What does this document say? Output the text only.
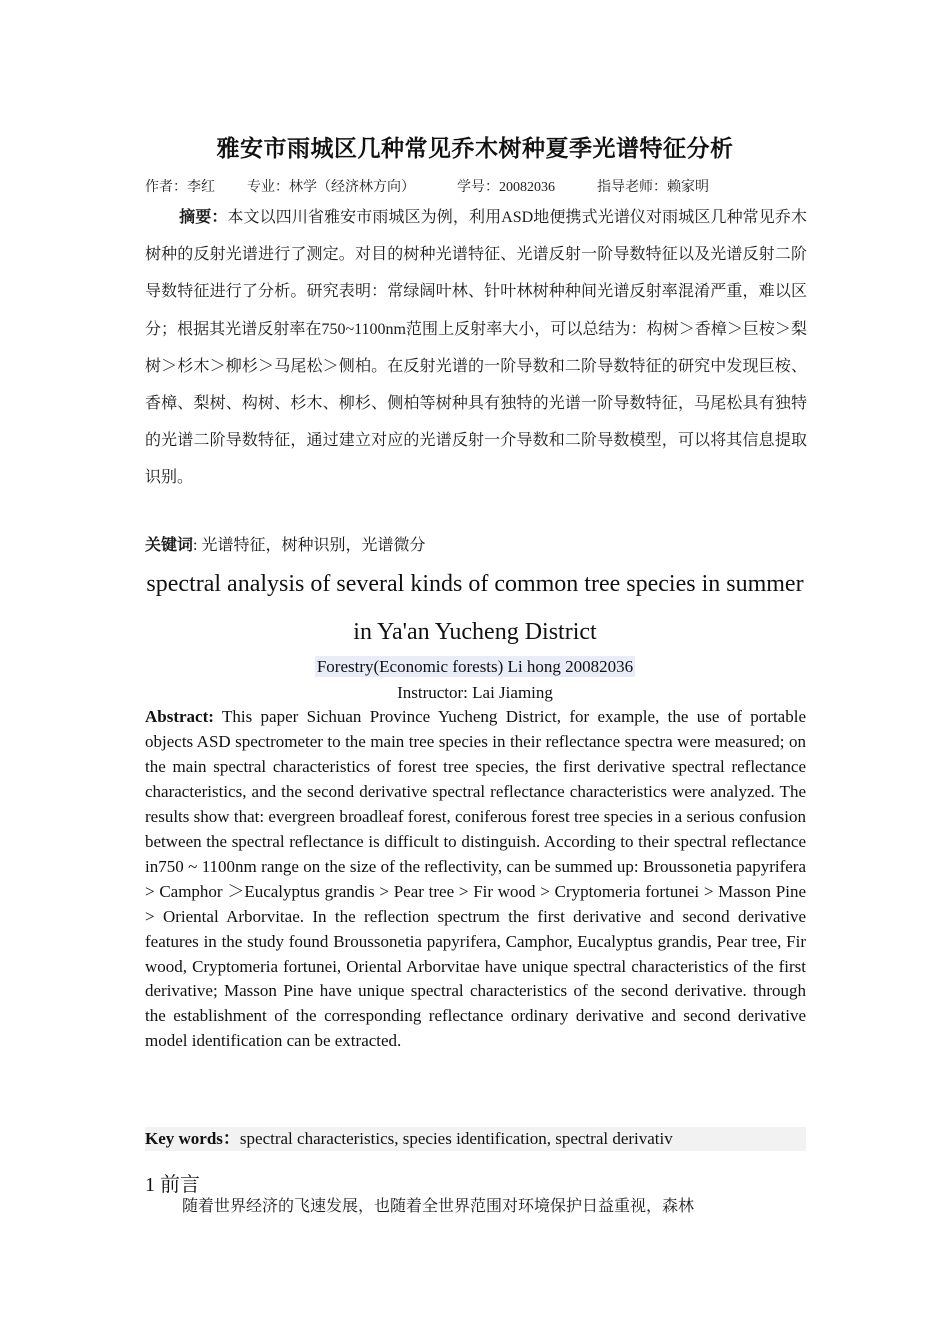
雅安市雨城区几种常见乔木树种夏季光谱特征分析
作者：李红 专业：林学（经济林方向）	学号：20082036	指导老师：赖家明
摘要：本文以四川省雅安市雨城区为例，利用ASD地便携式光谱仪对雨城区几种常见乔木树种的反射光谱进行了测定。对目的树种光谱特征、光谱反射一阶导数特征以及光谱反射二阶导数特征进行了分析。研究表明：常绿阔叶林、针叶林树种种间光谱反射率混淆严重，难以区分；根据其光谱反射率在750~1100nm范围上反射率大小，可以总结为：构树＞香樟＞巨桉＞梨树＞杉木＞柳杉＞马尾松＞侧柏。在反射光谱的一阶导数和二阶导数特征的研究中发现巨桉、香樟、梨树、构树、杉木、柳杉、侧柏等树种具有独特的光谱一阶导数特征，马尾松具有独特的光谱二阶导数特征，通过建立对应的光谱反射一介导数和二阶导数模型，可以将其信息提取识别。
关键词: 光谱特征，树种识别，光谱微分
spectral analysis of several kinds of common tree species in summer in Ya'an Yucheng District
Forestry(Economic forests) Li hong 20082036
Instructor: Lai Jiaming
Abstract: This paper Sichuan Province Yucheng District, for example, the use of portable objects ASD spectrometer to the main tree species in their reflectance spectra were measured; on the main spectral characteristics of forest tree species, the first derivative spectral reflectance characteristics, and the second derivative spectral reflectance characteristics were analyzed. The results show that: evergreen broadleaf forest, coniferous forest tree species in a serious confusion between the spectral reflectance is difficult to distinguish. According to their spectral reflectance in750 ~ 1100nm range on the size of the reflectivity, can be summed up: Broussonetia papyrifera > Camphor ＞Eucalyptus grandis > Pear tree > Fir wood > Cryptomeria fortunei > Masson Pine > Oriental Arborvitae. In the reflection spectrum the first derivative and second derivative features in the study found Broussonetia papyrifera, Camphor, Eucalyptus grandis, Pear tree, Fir wood, Cryptomeria fortunei, Oriental Arborvitae have unique spectral characteristics of the first derivative; Masson Pine have unique spectral characteristics of the second derivative. through the establishment of the corresponding reflectance ordinary derivative and second derivative model identification can be extracted.
Key words：spectral characteristics, species identification, spectral derivativ
1 前言
随着世界经济的飞速发展，也随着全世界范围对环境保护日益重视，森林
